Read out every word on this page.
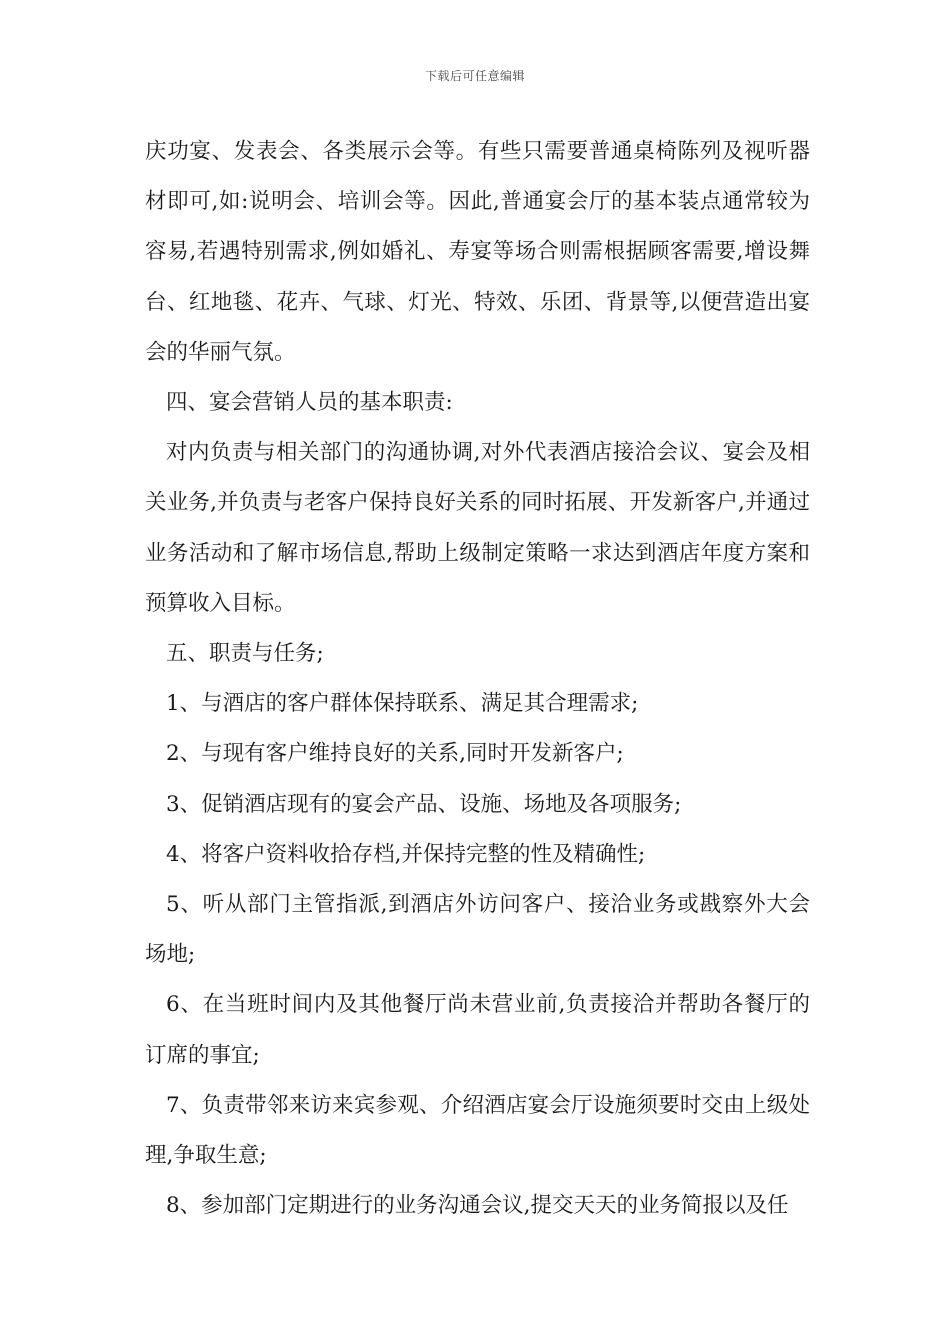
下载后可任意编辑

庆功宴、发表会、各类展示会等。有些只需要普通桌椅陈列及视听器材即可,如:说明会、培训会等。因此,普通宴会厅的基本装点通常较为容易,若遇特别需求,例如婚礼、寿宴等场合则需根据顾客需要,增设舞台、红地毯、花卉、气球、灯光、特效、乐团、背景等,以便营造出宴会的华丽气氛。

四、宴会营销人员的基本职责:

对内负责与相关部门的沟通协调,对外代表酒店接洽会议、宴会及相关业务,并负责与老客户保持良好关系的同时拓展、开发新客户,并通过业务活动和了解市场信息,帮助上级制定策略一求达到酒店年度方案和预算收入目标。

五、职责与任务;

1、与酒店的客户群体保持联系、满足其合理需求;

2、与现有客户维持良好的关系,同时开发新客户;

3、促销酒店现有的宴会产品、设施、场地及各项服务;

4、将客户资料收拾存档,并保持完整的性及精确性;

5、听从部门主管指派,到酒店外访问客户、接洽业务或戡察外大会场地;

6、在当班时间内及其他餐厅尚未营业前,负责接洽并帮助各餐厅的订席的事宜;

7、负责带邻来访来宾参观、介绍酒店宴会厅设施须要时交由上级处理,争取生意;

8、参加部门定期进行的业务沟通会议,提交天天的业务简报以及任
